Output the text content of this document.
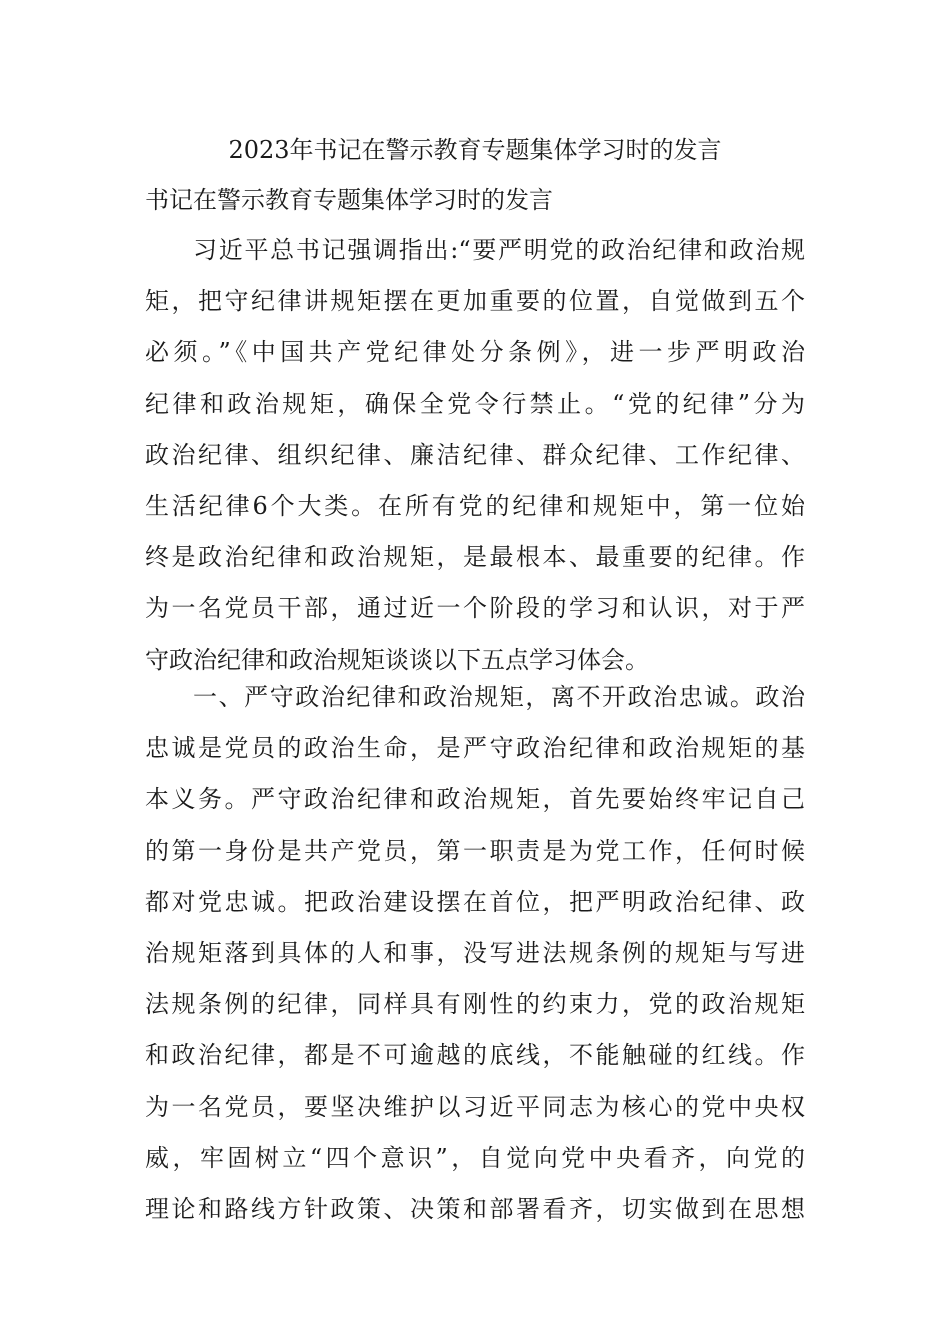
2023年书记在警示教育专题集体学习时的发言

书记在警示教育专题集体学习时的发言

习近平总书记强调指出:“要严明党的政治纪律和政治规
矩，把守纪律讲规矩摆在更加重要的位置，自觉做到五个
必须。”《中国共产党纪律处分条例》，进一步严明政治
纪律和政治规矩，确保全党令行禁止。“党的纪律”分为
政治纪律、组织纪律、廉洁纪律、群众纪律、工作纪律、
生活纪律6个大类。在所有党的纪律和规矩中，第一位始
终是政治纪律和政治规矩，是最根本、最重要的纪律。作
为一名党员干部，通过近一个阶段的学习和认识，对于严
守政治纪律和政治规矩谈谈以下五点学习体会。
一、严守政治纪律和政治规矩，离不开政治忠诚。政治
忠诚是党员的政治生命，是严守政治纪律和政治规矩的基
本义务。严守政治纪律和政治规矩，首先要始终牢记自己
的第一身份是共产党员，第一职责是为党工作，任何时候
都对党忠诚。把政治建设摆在首位，把严明政治纪律、政
治规矩落到具体的人和事，没写进法规条例的规矩与写进
法规条例的纪律，同样具有刚性的约束力，党的政治规矩
和政治纪律，都是不可逾越的底线，不能触碰的红线。作
为一名党员，要坚决维护以习近平同志为核心的党中央权
威，牢固树立“四个意识”，自觉向党中央看齐，向党的
理论和路线方针政策、决策和部署看齐，切实做到在思想
